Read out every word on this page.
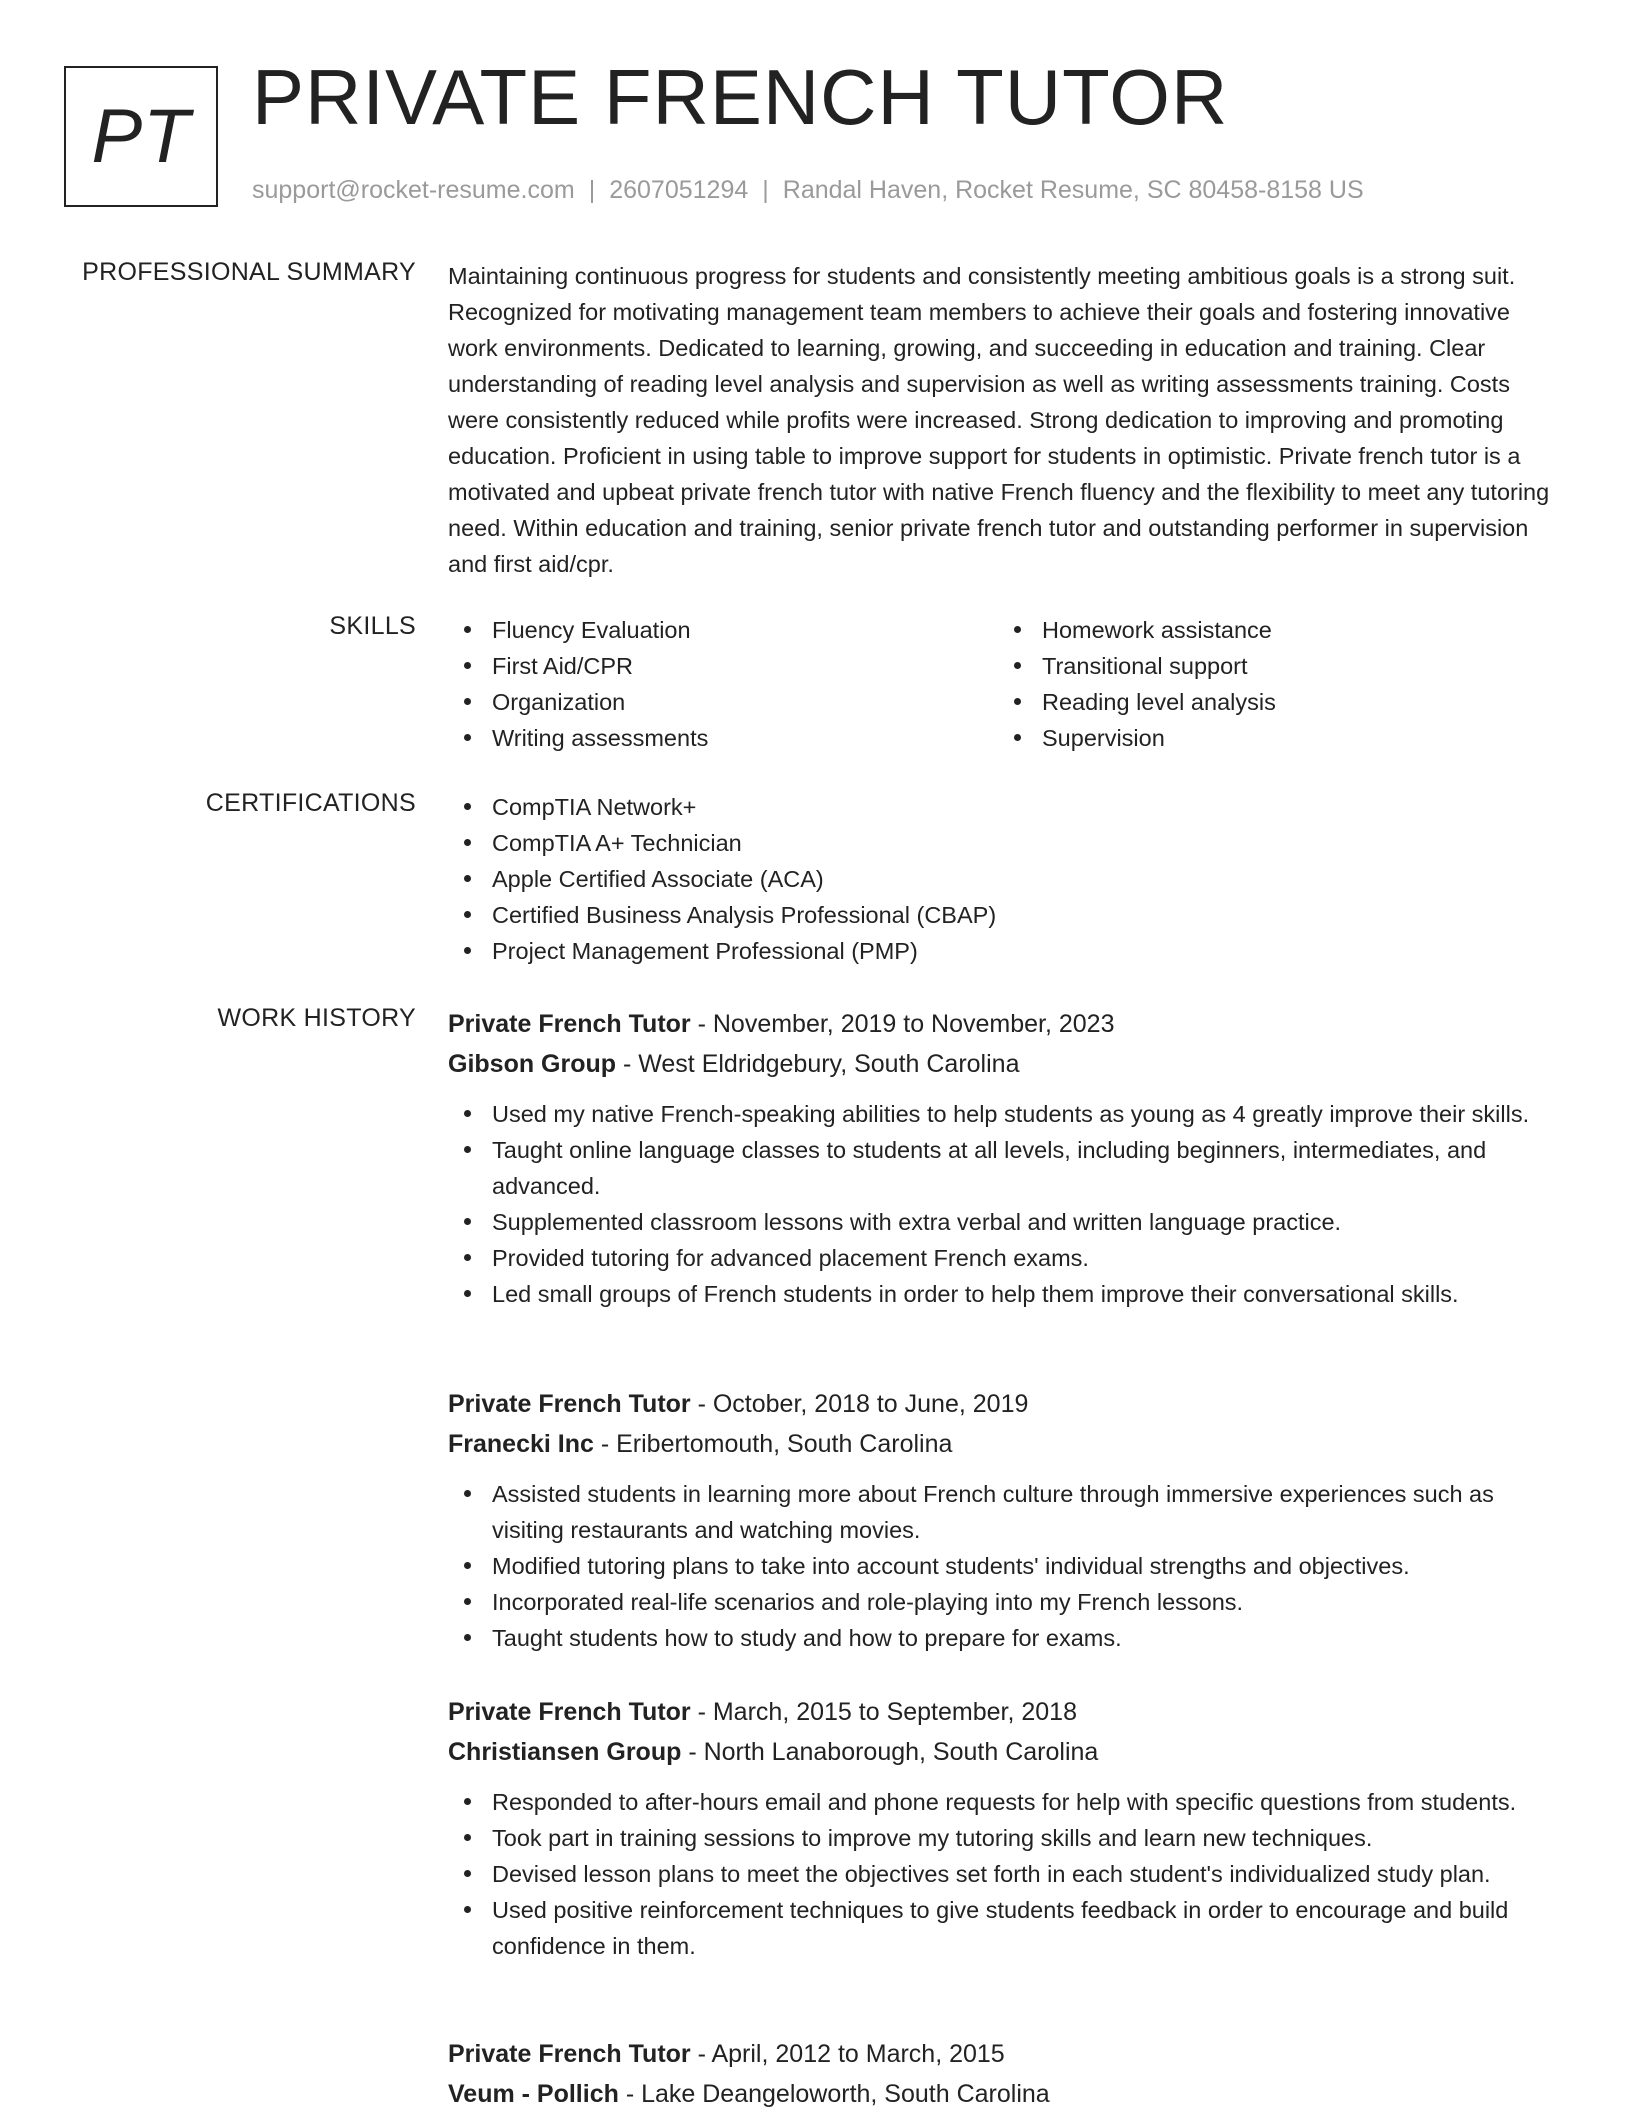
PT PRIVATE FRENCH TUTOR
support@rocket-resume.com | 2607051294 | Randal Haven, Rocket Resume, SC 80458-8158 US
PROFESSIONAL SUMMARY Maintaining continuous progress for students and consistently meeting ambitious goals is a strong suit. Recognized for motivating management team members to achieve their goals and fostering innovative work environments. Dedicated to learning, growing, and succeeding in education and training. Clear understanding of reading level analysis and supervision as well as writing assessments training. Costs were consistently reduced while profits were increased. Strong dedication to improving and promoting education. Proficient in using table to improve support for students in optimistic. Private french tutor is a motivated and upbeat private french tutor with native French fluency and the flexibility to meet any tutoring need. Within education and training, senior private french tutor and outstanding performer in supervision and first aid/cpr.

SKILLS	Fluency Evaluation
First Aid/CPR
Organization
Writing assessments
Homework assistance
Transitional support
Reading level analysis
Supervision
CERTIFICATIONS	CompTIA Network+
CompTIA A+ Technician
Apple Certified Associate (ACA)
Certified Business Analysis Professional (CBAP)
Project Management Professional (PMP)
WORK HISTORY Private French Tutor - November, 2019 to November, 2023
Gibson Group - West Eldridgebury, South Carolina
Used my native French-speaking abilities to help students as young as 4 greatly improve their skills.
Taught online language classes to students at all levels, including beginners, intermediates, and advanced.
Supplemented classroom lessons with extra verbal and written language practice.
Provided tutoring for advanced placement French exams.
Led small groups of French students in order to help them improve their conversational skills.
Private French Tutor - October, 2018 to June, 2019
Franecki Inc - Eribertomouth, South Carolina
Assisted students in learning more about French culture through immersive experiences such as visiting restaurants and watching movies.
Modified tutoring plans to take into account students' individual strengths and objectives.
Incorporated real-life scenarios and role-playing into my French lessons.
Taught students how to study and how to prepare for exams.
Private French Tutor - March, 2015 to September, 2018
Christiansen Group - North Lanaborough, South Carolina
Responded to after-hours email and phone requests for help with specific questions from students.
Took part in training sessions to improve my tutoring skills and learn new techniques.
Devised lesson plans to meet the objectives set forth in each student's individualized study plan.
Used positive reinforcement techniques to give students feedback in order to encourage and build confidence in them.
Private French Tutor - April, 2012 to March, 2015
Veum - Pollich - Lake Deangeloworth, South Carolina
